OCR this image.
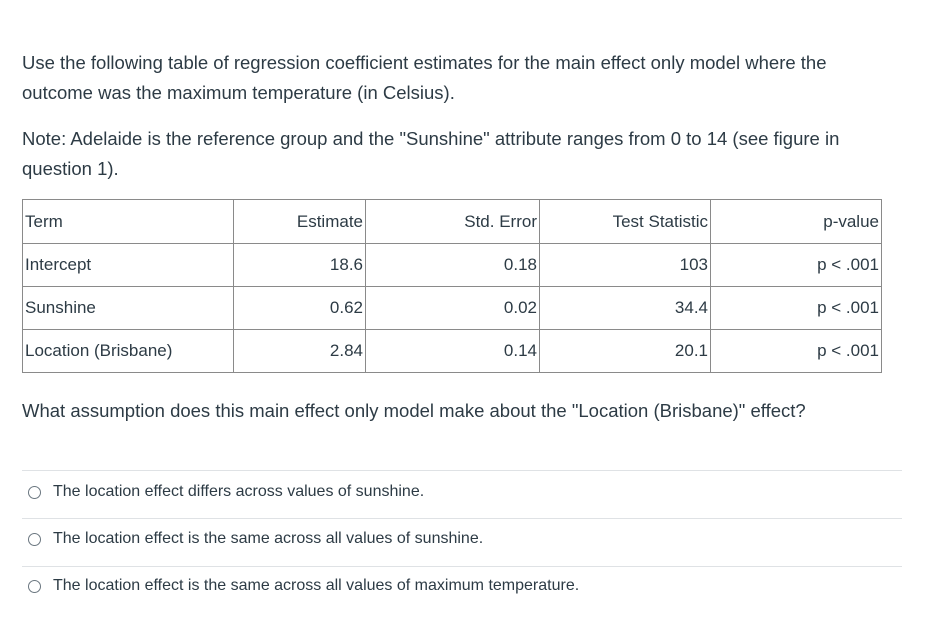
Use the following table of regression coefficient estimates for the main effect only model where the outcome was the maximum temperature (in Celsius).

Note: Adelaide is the reference group and the "Sunshine" attribute ranges from 0 to 14 (see figure in question 1).

Term	Estimate	Std. Error	Test Statistic	p-value
Intercept	18.6	0.18	103	p < .001
Sunshine	0.62	0.02	34.4	p < .001
Location (Brisbane)	2.84	0.14	20.1	p < .001

What assumption does this main effect only model make about the "Location (Brisbane)" effect?

The location effect differs across values of sunshine.
The location effect is the same across all values of sunshine.
The location effect is the same across all values of maximum temperature.
